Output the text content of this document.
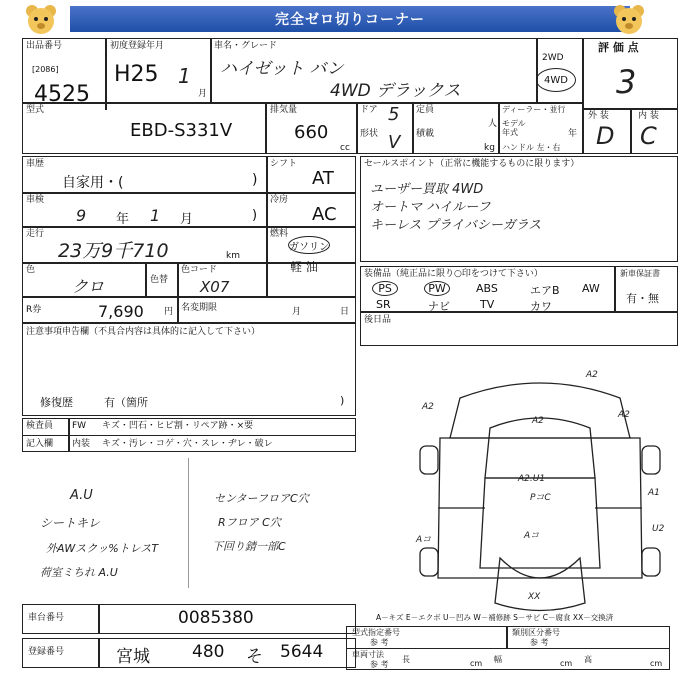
完全ゼロ切りコーナー
出品番号
[2086]
4525
初度登録年月
H25 1
月
車名・グレード
ハイゼット バン
4WD デラックス
2WD
4WD
評 価 点
3
外 装	内 装
D C
型式
EBD-S331V
排気量
660
cc
ドア 5
形状 V
定員
人
積載
kg
ディーラー・並行
モデル
年式	年
ハンドル 左・右
車歴
自家用・(	)
シフト
AT
車検
9 年 1 月	)
冷房
AC
走行
23万9千710	km
燃料
ガソリン
軽 油
色
クロ	色替
色コード
X07
R券	7,690 円 名変期限	月	日
注意事項申告欄（不具合内容は具体的に記入して下さい）
修復歴	有（箇所	)
セールスポイント（正常に機能するものに限ります）
ユーザー買取 4WD
オートマ ハイルーフ
キーレス プライバシーガラス
装備品（純正品に限り○印をつけて下さい）
PS	PW	ABS	エアB AW
SR	ナビ	TV	カワ
新車保証書
有・無
後日品
検査員
記入欄
FW
内装
キズ・凹石・ヒビ割・リペア跡・×要
キズ・汚レ・コゲ・穴・スレ・ヂレ・破レ
A.U
シートキレ
外AWスクッ%トレスT
荷室ミちれ A.U
センターフロアC穴
Rフロア C穴
下回り錆一部C
A2
A2
A2
A2
A2.U1
PコC
Aコ
A1
U2
XX
Aコ
A－キズ E－エクボ U－凹み W－補修跡 S－サビ C－腐食 XX－交換済
車台番号	0085380
登録番号	宮城 480 そ 5644
型式指定番号
参 考
類別区分番号
参 考
車両寸法
参 考
長	cm 幅	cm 高	cm
